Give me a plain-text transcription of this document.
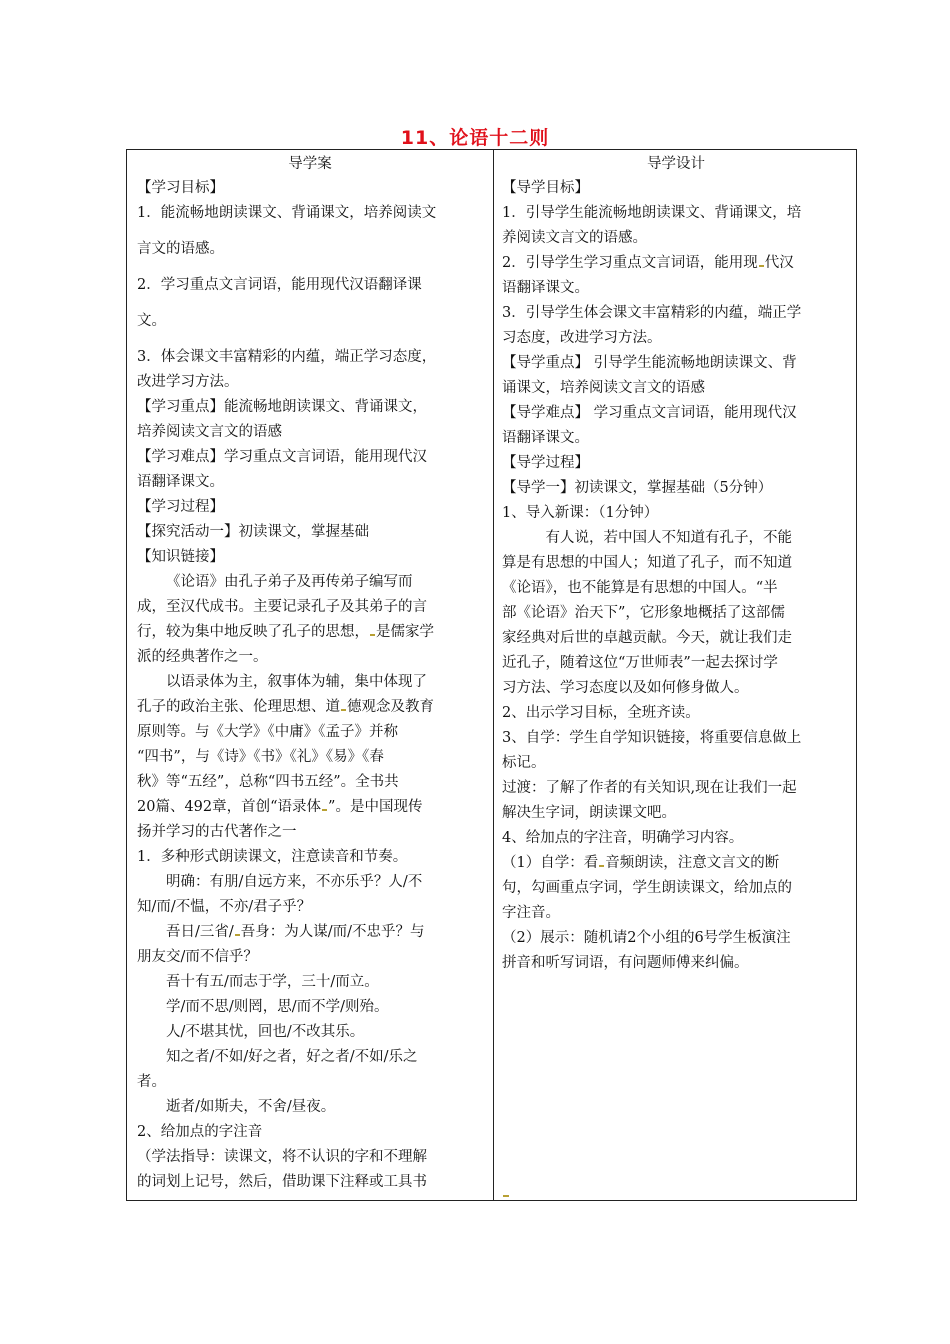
11、论语十二则
导学案	导学设计
【学习目标】
1．能流畅地朗读课文、背诵课文，培养阅读文
言文的语感。
2．学习重点文言词语，能用现代汉语翻译课
文。
3．体会课文丰富精彩的内蕴，端正学习态度，
改进学习方法。
【学习重点】能流畅地朗读课文、背诵课文，
培养阅读文言文的语感
【学习难点】学习重点文言词语，能用现代汉
语翻译课文。
【学习过程】
【探究活动一】初读课文，掌握基础
【知识链接】
《论语》由孔子弟子及再传弟子编写而
成，至汉代成书。主要记录孔子及其弟子的言
行，较为集中地反映了孔子的思想， 是儒家学
派的经典著作之一。
以语录体为主，叙事体为辅，集中体现了
孔子的政治主张、伦理思想、道 德观念及教育
原则等。与《大学》《中庸》《孟子》并称
“四书”，与《诗》《书》《礼》《易》《春
秋》等“五经”，总称“四书五经”。全书共
20篇、492章，首创“语录体 ”。是中国现传
扬并学习的古代著作之一
1．多种形式朗读课文，注意读音和节奏。
明确：有朋/自远方来，不亦乐乎？人/不
知/而/不愠，不亦/君子乎？
吾日/三省/ 吾身：为人谋/而/不忠乎？与
朋友交/而不信乎？
吾十有五/而志于学，三十/而立。
学/而不思/则罔，思/而不学/则殆。
人/不堪其忧，回也/不改其乐。
知之者/不如/好之者，好之者/不如/乐之
者。
逝者/如斯夫，不舍/昼夜。
2、给加点的字注音
（学法指导：读课文，将不认识的字和不理解
的词划上记号，然后，借助课下注释或工具书
【导学目标】
1．引导学生能流畅地朗读课文、背诵课文，培
养阅读文言文的语感。
2．引导学生学习重点文言词语，能用现 代汉
语翻译课文。
3．引导学生体会课文丰富精彩的内蕴，端正学
习态度，改进学习方法。
【导学重点】 引导学生能流畅地朗读课文、背
诵课文，培养阅读文言文的语感
【导学难点】 学习重点文言词语，能用现代汉
语翻译课文。
【导学过程】
【导学一】初读课文，掌握基础（5分钟）
1、导入新课：（1分钟）
有人说，若中国人不知道有孔子，不能
算是有思想的中国人；知道了孔子，而不知道
《论语》，也不能算是有思想的中国人。“半
部《论语》治天下”，它形象地概括了这部儒
家经典对后世的卓越贡献。今天，就让我们走
近孔子，随着这位“万世师表”一起去探讨学
习方法、学习态度以及如何修身做人。
2、出示学习目标，全班齐读。
3、自学：学生自学知识链接，将重要信息做上
标记。
过渡：了解了作者的有关知识,现在让我们一起
解决生字词，朗读课文吧。
4、给加点的字注音，明确学习内容。
（1）自学：看 音频朗读，注意文言文的断
句，勾画重点字词，学生朗读课文，给加点的
字注音。
（2）展示：随机请2个小组的6号学生板演注
拼音和听写词语，有问题师傅来纠偏。
